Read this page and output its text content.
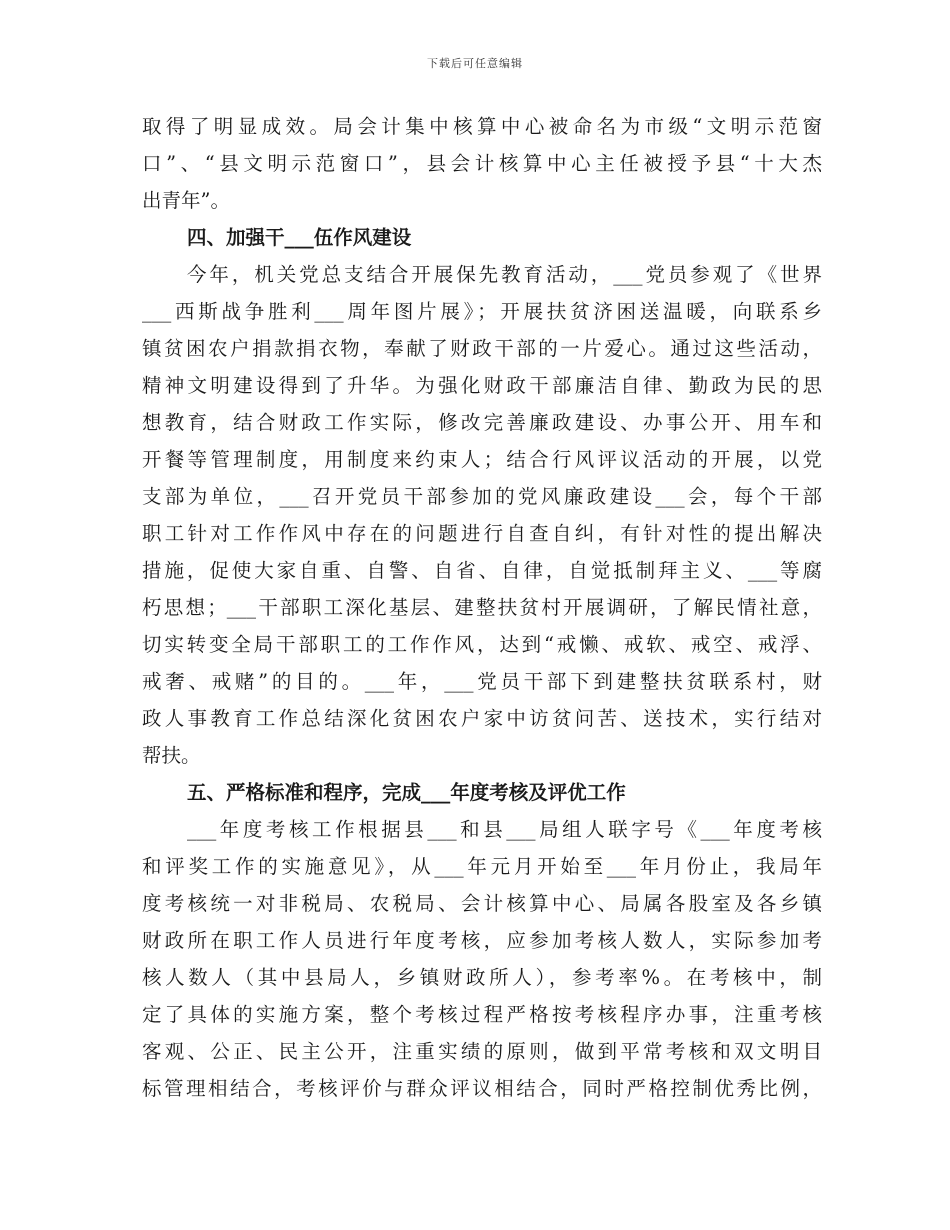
下载后可任意编辑
取得了明显成效。局会计集中核算中心被命名为市级“文明示范窗
口”、“县文明示范窗口”，县会计核算中心主任被授予县“十大杰
出青年”。
四、加强干___伍作风建设
今年，机关党总支结合开展保先教育活动，___党员参观了《世界
___西斯战争胜利___周年图片展》；开展扶贫济困送温暖，向联系乡
镇贫困农户捐款捐衣物，奉献了财政干部的一片爱心。通过这些活动，
精神文明建设得到了升华。为强化财政干部廉洁自律、勤政为民的思
想教育，结合财政工作实际，修改完善廉政建设、办事公开、用车和
开餐等管理制度，用制度来约束人；结合行风评议活动的开展，以党
支部为单位，___召开党员干部参加的党风廉政建设___会，每个干部
职工针对工作作风中存在的问题进行自查自纠，有针对性的提出解决
措施，促使大家自重、自警、自省、自律，自觉抵制拜主义、___等腐
朽思想；___干部职工深化基层、建整扶贫村开展调研，了解民情社意，
切实转变全局干部职工的工作作风，达到“戒懒、戒软、戒空、戒浮、
戒奢、戒赌”的目的。___年，___党员干部下到建整扶贫联系村，财
政人事教育工作总结深化贫困农户家中访贫问苦、送技术，实行结对
帮扶。
五、严格标准和程序，完成___年度考核及评优工作
___年度考核工作根据县___和县___局组人联字号《___年度考核
和评奖工作的实施意见》，从___年元月开始至___年月份止，我局年
度考核统一对非税局、农税局、会计核算中心、局属各股室及各乡镇
财政所在职工作人员进行年度考核，应参加考核人数人，实际参加考
核人数人（其中县局人，乡镇财政所人），参考率%。在考核中，制
定了具体的实施方案，整个考核过程严格按考核程序办事，注重考核
客观、公正、民主公开，注重实绩的原则，做到平常考核和双文明目
标管理相结合，考核评价与群众评议相结合，同时严格控制优秀比例，
